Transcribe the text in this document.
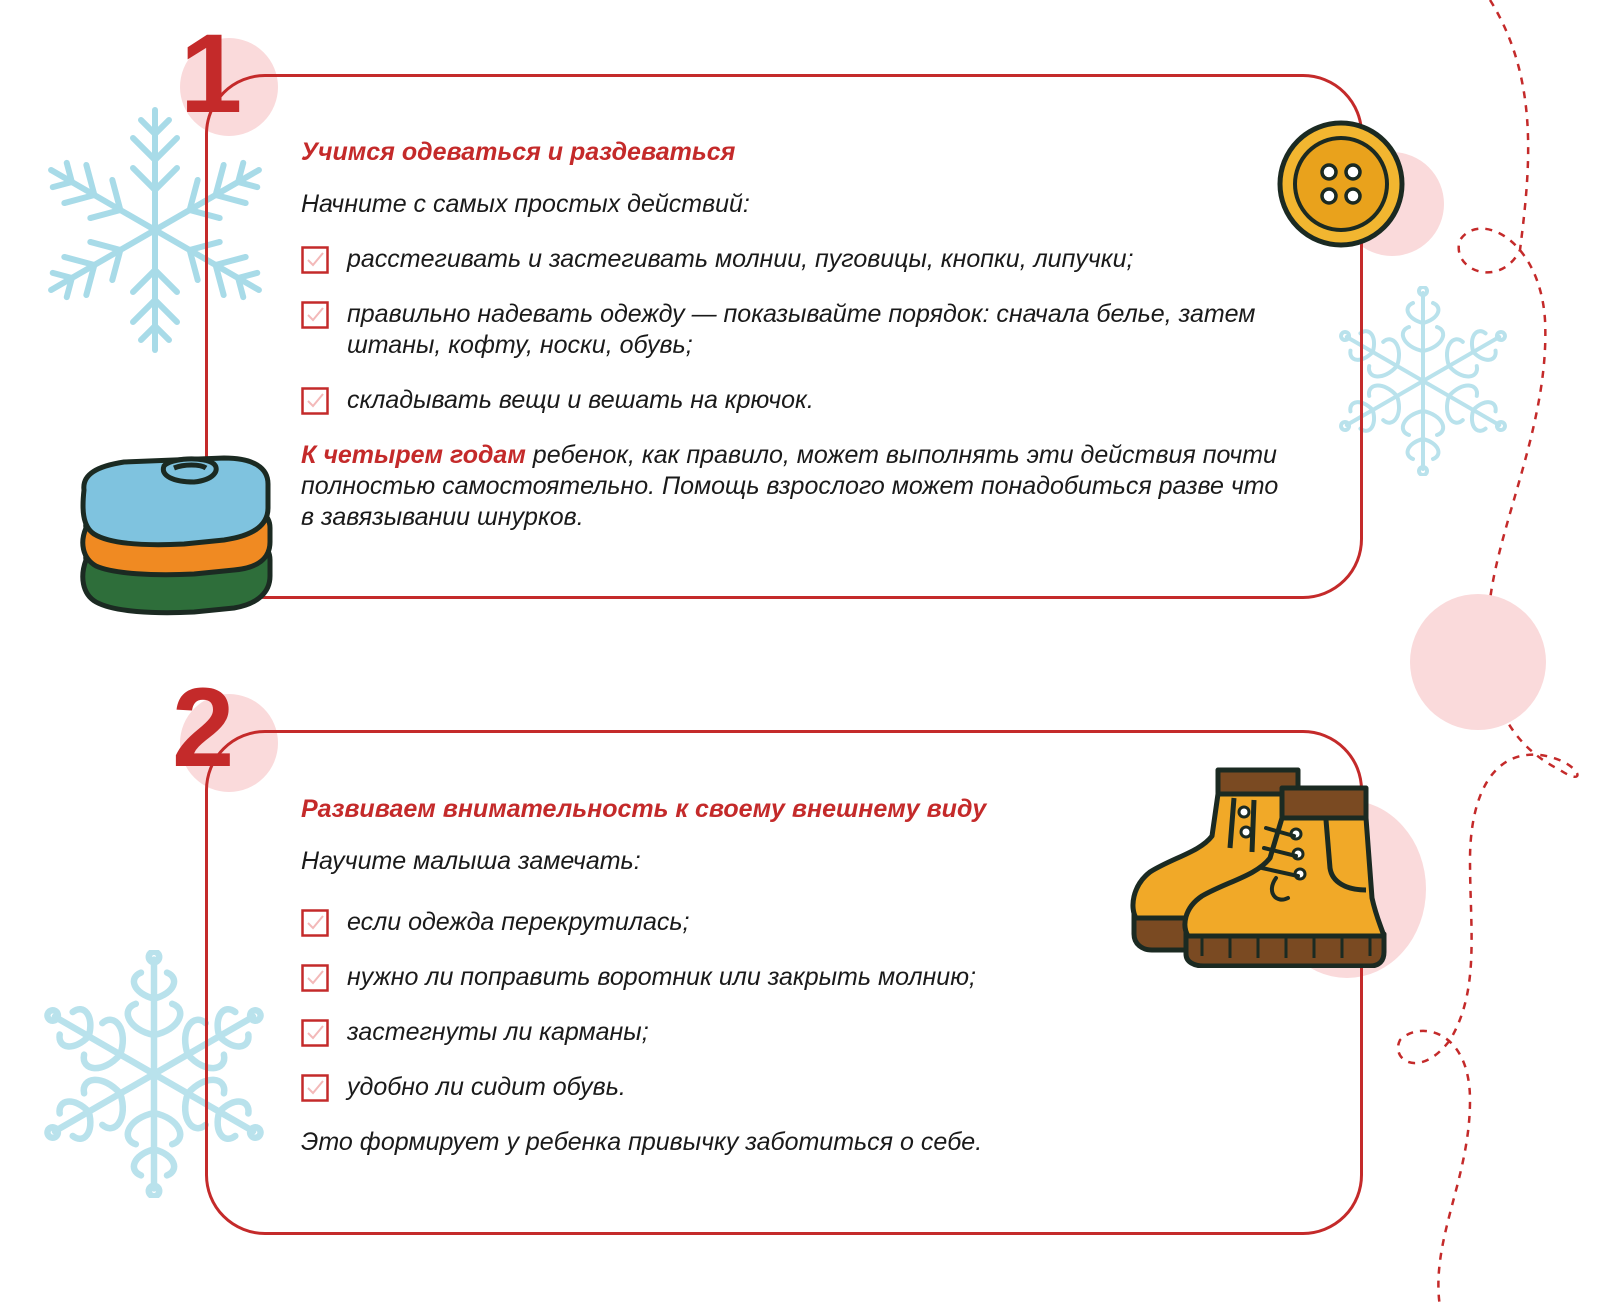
1
Учимся одеваться и раздеваться
Начните с самых простых действий:
расстегивать и застегивать молнии, пуговицы, кнопки, липучки;
правильно надевать одежду — показывайте порядок: сначала белье, затем штаны, кофту, носки, обувь;
складывать вещи и вешать на крючок.
К четырем годам ребенок, как правило, может выполнять эти действия почти полностью самостоятельно. Помощь взрослого может понадобиться разве что в завязывании шнурков.
2
Развиваем внимательность к своему внешнему виду
Научите малыша замечать:
если одежда перекрутилась;
нужно ли поправить воротник или закрыть молнию;
застегнуты ли карманы;
удобно ли сидит обувь.
Это формирует у ребенка привычку заботиться о себе.
